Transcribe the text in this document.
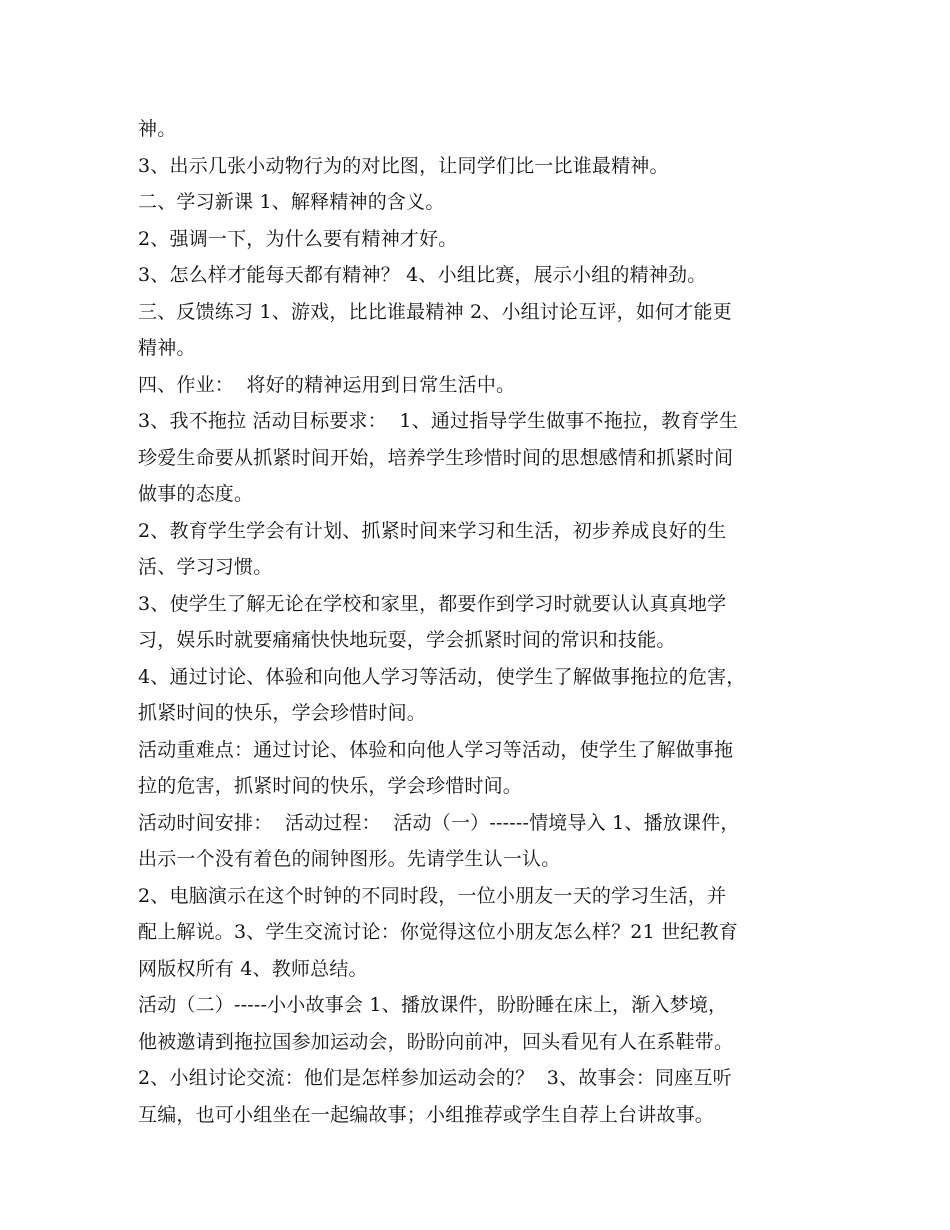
神。
3、出示几张小动物行为的对比图，让同学们比一比谁最精神。
二、学习新课 1、解释精神的含义。
2、强调一下，为什么要有精神才好。
3、怎么样才能每天都有精神？ 4、小组比赛，展示小组的精神劲。
三、反馈练习 1、游戏，比比谁最精神 2、小组讨论互评，如何才能更
精神。
四、作业：  将好的精神运用到日常生活中。
3、我不拖拉 活动目标要求：  1、通过指导学生做事不拖拉，教育学生
珍爱生命要从抓紧时间开始，培养学生珍惜时间的思想感情和抓紧时间
做事的态度。
2、教育学生学会有计划、抓紧时间来学习和生活，初步养成良好的生
活、学习习惯。
3、使学生了解无论在学校和家里，都要作到学习时就要认认真真地学
习，娱乐时就要痛痛快快地玩耍，学会抓紧时间的常识和技能。
4、通过讨论、体验和向他人学习等活动，使学生了解做事拖拉的危害，
抓紧时间的快乐，学会珍惜时间。
活动重难点：通过讨论、体验和向他人学习等活动，使学生了解做事拖
拉的危害，抓紧时间的快乐，学会珍惜时间。
活动时间安排：  活动过程：  活动（一）------情境导入 1、播放课件，
出示一个没有着色的闹钟图形。先请学生认一认。
2、电脑演示在这个时钟的不同时段，一位小朋友一天的学习生活，并
配上解说。3、学生交流讨论：你觉得这位小朋友怎么样？21 世纪教育
网版权所有 4、教师总结。
活动（二）-----小小故事会 1、播放课件，盼盼睡在床上，渐入梦境，
他被邀请到拖拉国参加运动会，盼盼向前冲，回头看见有人在系鞋带。
2、小组讨论交流：他们是怎样参加运动会的？  3、故事会：同座互听
互编，也可小组坐在一起编故事；小组推荐或学生自荐上台讲故事。
